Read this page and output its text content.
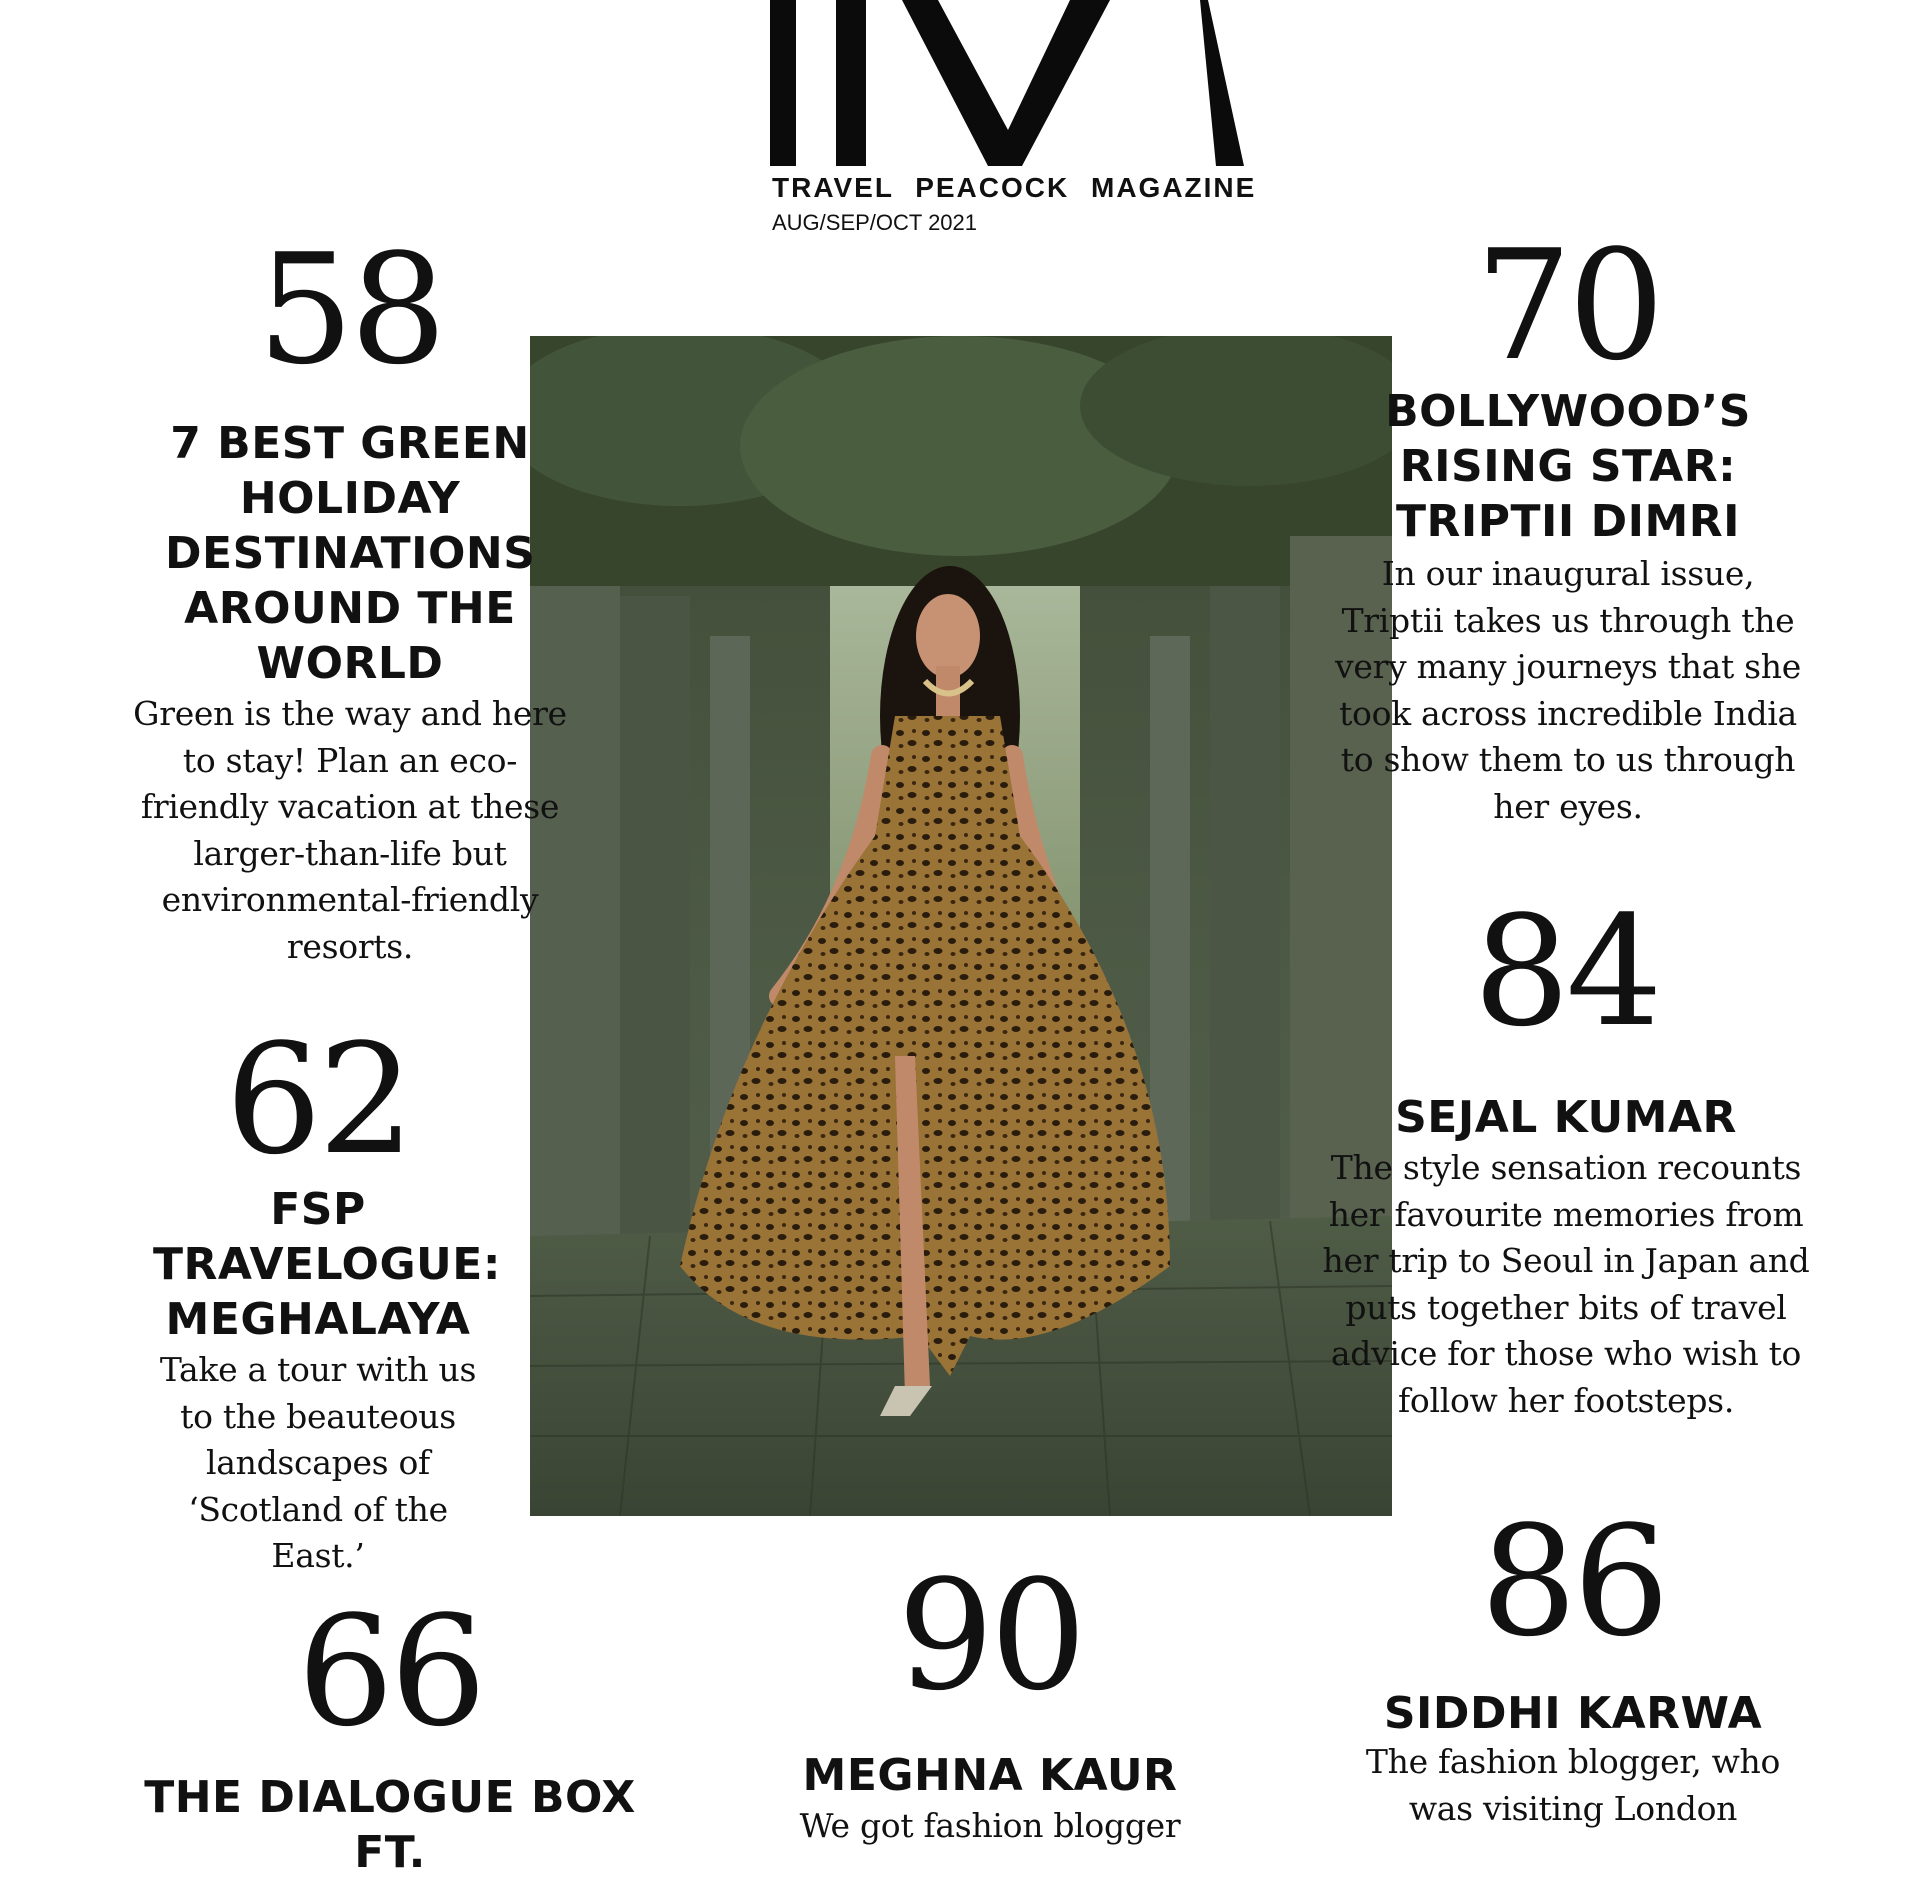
TRAVEL PEACOCK MAGAZINE
AUG/SEP/OCT 2021
58
7 BEST GREEN HOLIDAY DESTINATIONS AROUND THE WORLD
Green is the way and here to stay! Plan an eco-friendly vacation at these larger-than-life but environmental-friendly resorts.
62
FSP TRAVELOGUE: MEGHALAYA
Take a tour with us to the beauteous landscapes of ‘Scotland of the East.’
66
THE DIALOGUE BOX FT.
70
BOLLYWOOD’S RISING STAR: TRIPTII DIMRI
In our inaugural issue, Triptii takes us through the very many journeys that she took across incredible India to show them to us through her eyes.
84
SEJAL KUMAR
The style sensation recounts her favourite memories from her trip to Seoul in Japan and puts together bits of travel advice for those who wish to follow her footsteps.
86
SIDDHI KARWA
The fashion blogger, who was visiting London
90
MEGHNA KAUR
We got fashion blogger
